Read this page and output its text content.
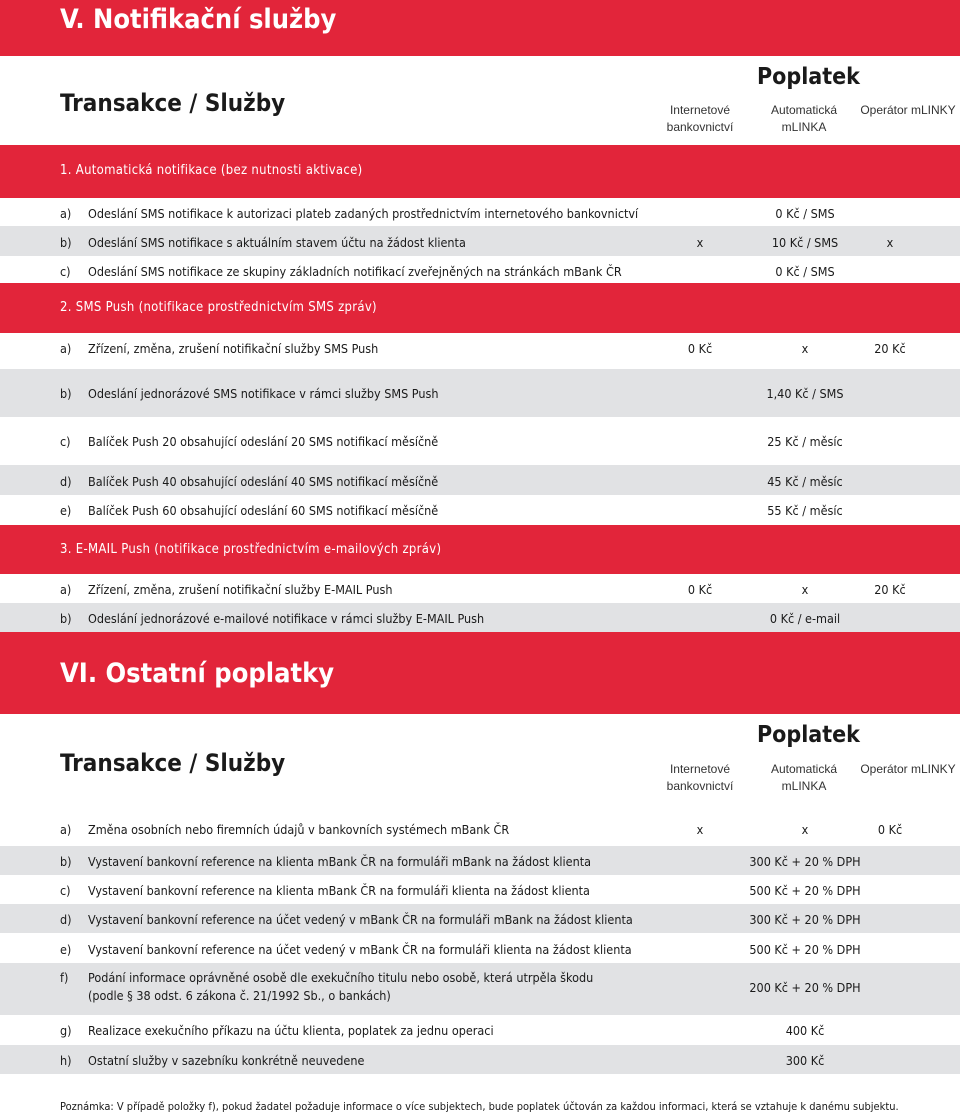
V. Notifikační služby
Transakce / Služby
Poplatek
Internetové bankovnictví
Automatická mLINKA
Operátor mLINKY
1. Automatická notifikace (bez nutnosti aktivace)
a) Odeslání SMS notifikace k autorizaci plateb zadaných prostřednictvím internetového bankovnictví	0 Kč / SMS
b) Odeslání SMS notifikace s aktuálním stavem účtu na žádost klienta	x	10 Kč / SMS	x
c) Odeslání SMS notifikace ze skupiny základních notifikací zveřejněných na stránkách mBank ČR	0 Kč / SMS
2. SMS Push (notifikace prostřednictvím SMS zpráv)
a) Zřízení, změna, zrušení notifikační služby SMS Push	0 Kč	x	20 Kč
b) Odeslání jednorázové SMS notifikace v rámci služby SMS Push	1,40 Kč / SMS
c) Balíček Push 20 obsahující odeslání 20 SMS notifikací měsíčně	25 Kč / měsíc
d) Balíček Push 40 obsahující odeslání 40 SMS notifikací měsíčně	45 Kč / měsíc
e) Balíček Push 60 obsahující odeslání 60 SMS notifikací měsíčně	55 Kč / měsíc
3. E-MAIL Push (notifikace prostřednictvím e-mailových zpráv)
a) Zřízení, změna, zrušení notifikační služby E-MAIL Push	0 Kč	x	20 Kč
b) Odeslání jednorázové e-mailové notifikace v rámci služby E-MAIL Push	0 Kč / e-mail
VI. Ostatní poplatky
Transakce / Služby
Poplatek
Internetové bankovnictví
Automatická mLINKA
Operátor mLINKY
a) Změna osobních nebo firemních údajů v bankovních systémech mBank ČR	x	x	0 Kč
b) Vystavení bankovní reference na klienta mBank ČR na formuláři mBank na žádost klienta	300 Kč + 20 % DPH
c) Vystavení bankovní reference na klienta mBank ČR na formuláři klienta na žádost klienta	500 Kč + 20 % DPH
d) Vystavení bankovní reference na účet vedený v mBank ČR na formuláři mBank na žádost klienta	300 Kč + 20 % DPH
e) Vystavení bankovní reference na účet vedený v mBank ČR na formuláři klienta na žádost klienta	500 Kč + 20 % DPH
f) Podání informace oprávněné osobě dle exekučního titulu nebo osobě, která utrpěla škodu
(podle § 38 odst. 6 zákona č. 21/1992 Sb., o bankách)
200 Kč + 20 % DPH
g) Realizace exekučního příkazu na účtu klienta, poplatek za jednu operaci	400 Kč
h) Ostatní služby v sazebníku konkrétně neuvedene	300 Kč
Poznámka: V případě položky f), pokud žadatel požaduje informace o více subjektech, bude poplatek účtován za každou informaci, která se vztahuje k danému subjektu.
